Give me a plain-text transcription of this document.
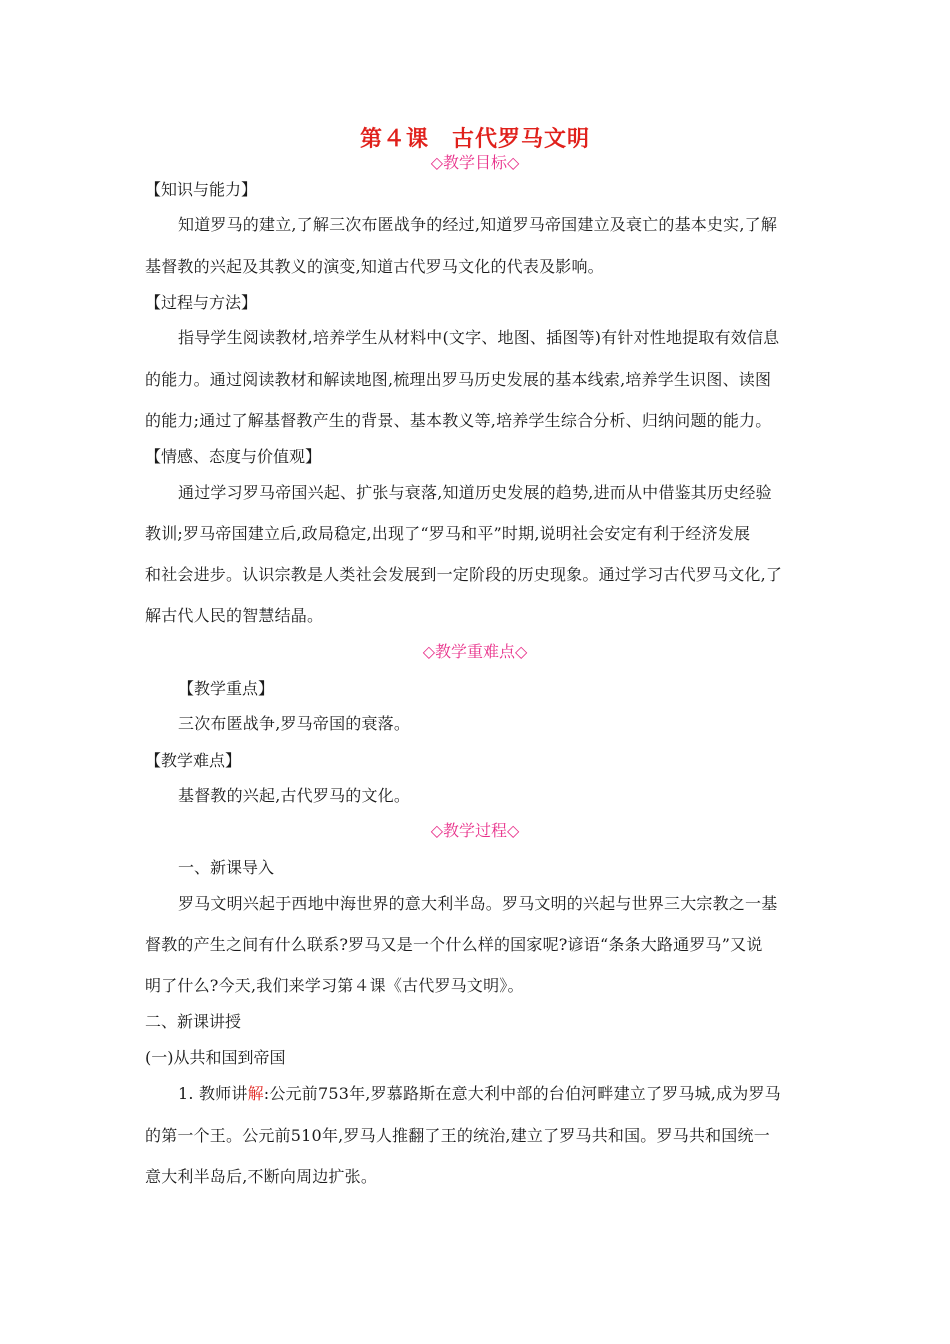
第４课　古代罗马文明
◇教学目标◇
【知识与能力】
知道罗马的建立,了解三次布匿战争的经过,知道罗马帝国建立及衰亡的基本史实,了解
基督教的兴起及其教义的演变,知道古代罗马文化的代表及影响。
【过程与方法】
指导学生阅读教材,培养学生从材料中(文字、地图、插图等)有针对性地提取有效信息
的能力。通过阅读教材和解读地图,梳理出罗马历史发展的基本线索,培养学生识图、读图
的能力;通过了解基督教产生的背景、基本教义等,培养学生综合分析、归纳问题的能力。
【情感、态度与价值观】
通过学习罗马帝国兴起、扩张与衰落,知道历史发展的趋势,进而从中借鉴其历史经验
教训;罗马帝国建立后,政局稳定,出现了“罗马和平”时期,说明社会安定有利于经济发展
和社会进步。认识宗教是人类社会发展到一定阶段的历史现象。通过学习古代罗马文化,了
解古代人民的智慧结晶。
◇教学重难点◇
【教学重点】
三次布匿战争,罗马帝国的衰落。
【教学难点】
基督教的兴起,古代罗马的文化。
◇教学过程◇
一、新课导入
罗马文明兴起于西地中海世界的意大利半岛。罗马文明的兴起与世界三大宗教之一基
督教的产生之间有什么联系?罗马又是一个什么样的国家呢?谚语“条条大路通罗马”又说
明了什么?今天,我们来学习第４课《古代罗马文明》。
二、新课讲授
(一)从共和国到帝国
1. 教师讲解:公元前753年,罗慕路斯在意大利中部的台伯河畔建立了罗马城,成为罗马
的第一个王。公元前510年,罗马人推翻了王的统治,建立了罗马共和国。罗马共和国统一
意大利半岛后,不断向周边扩张。
